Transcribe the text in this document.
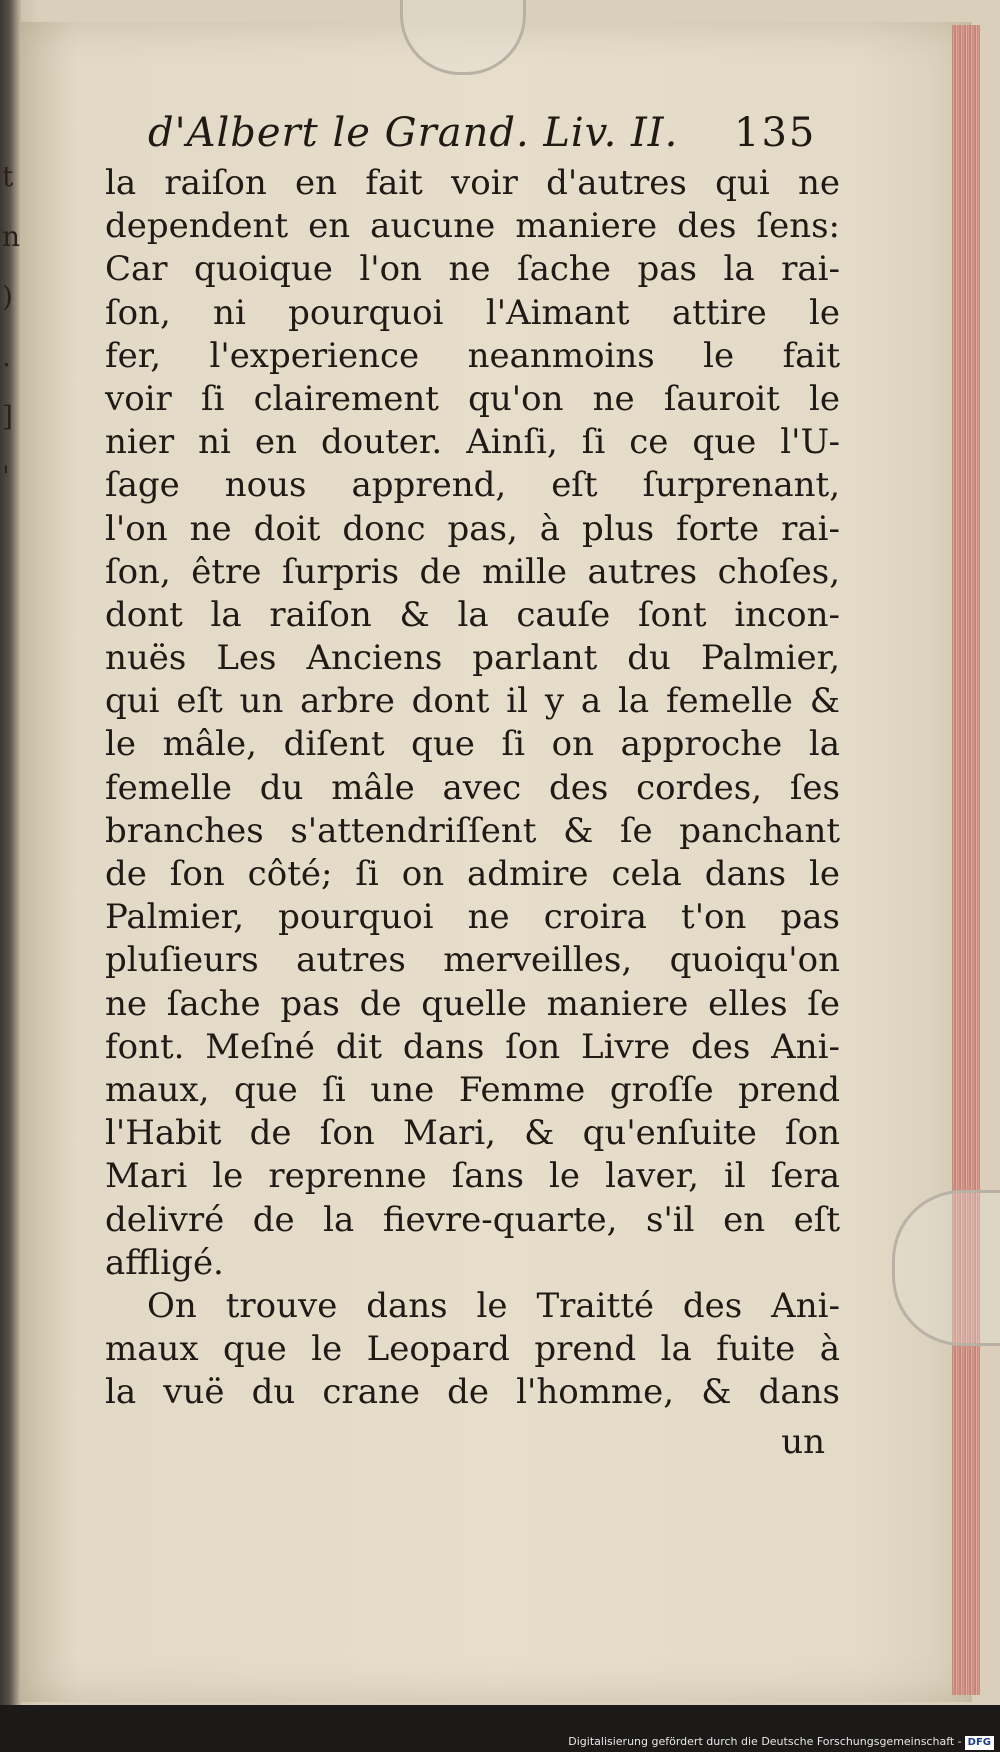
t
n
)
.
]
'
d'Albert le Grand. Liv. II. 135
la raiſon en fait voir d'autres qui ne
dependent en aucune maniere des ſens:
Car quoique l'on ne ſache pas la rai-
ſon, ni pourquoi l'Aimant attire le
fer, l'experience neanmoins le fait
voir ſi clairement qu'on ne ſauroit le
nier ni en douter. Ainſi, ſi ce que l'U-
ſage nous apprend, eſt ſurprenant,
l'on ne doit donc pas, à plus forte rai-
ſon, être ſurpris de mille autres choſes,
dont la raiſon & la cauſe ſont incon-
nuës Les Anciens parlant du Palmier,
qui eſt un arbre dont il y a la femelle &
le mâle, diſent que ſi on approche la
femelle du mâle avec des cordes, ſes
branches s'attendriſſent & ſe panchant
de ſon côté; ſi on admire cela dans le
Palmier, pourquoi ne croira t'on pas
pluſieurs autres merveilles, quoiqu'on
ne ſache pas de quelle maniere elles ſe
font. Meſné dit dans ſon Livre des Ani-
maux, que ſi une Femme groſſe prend
l'Habit de ſon Mari, & qu'enſuite ſon
Mari le reprenne ſans le laver, il ſera
delivré de la fievre-quarte, s'il en eſt
affligé.
On trouve dans le Traitté des Ani-
maux que le Leopard prend la fuite à
la vuë du crane de l'homme, & dans
un
Digitalisierung gefördert durch die Deutsche Forschungsgemeinschaft - DFG
